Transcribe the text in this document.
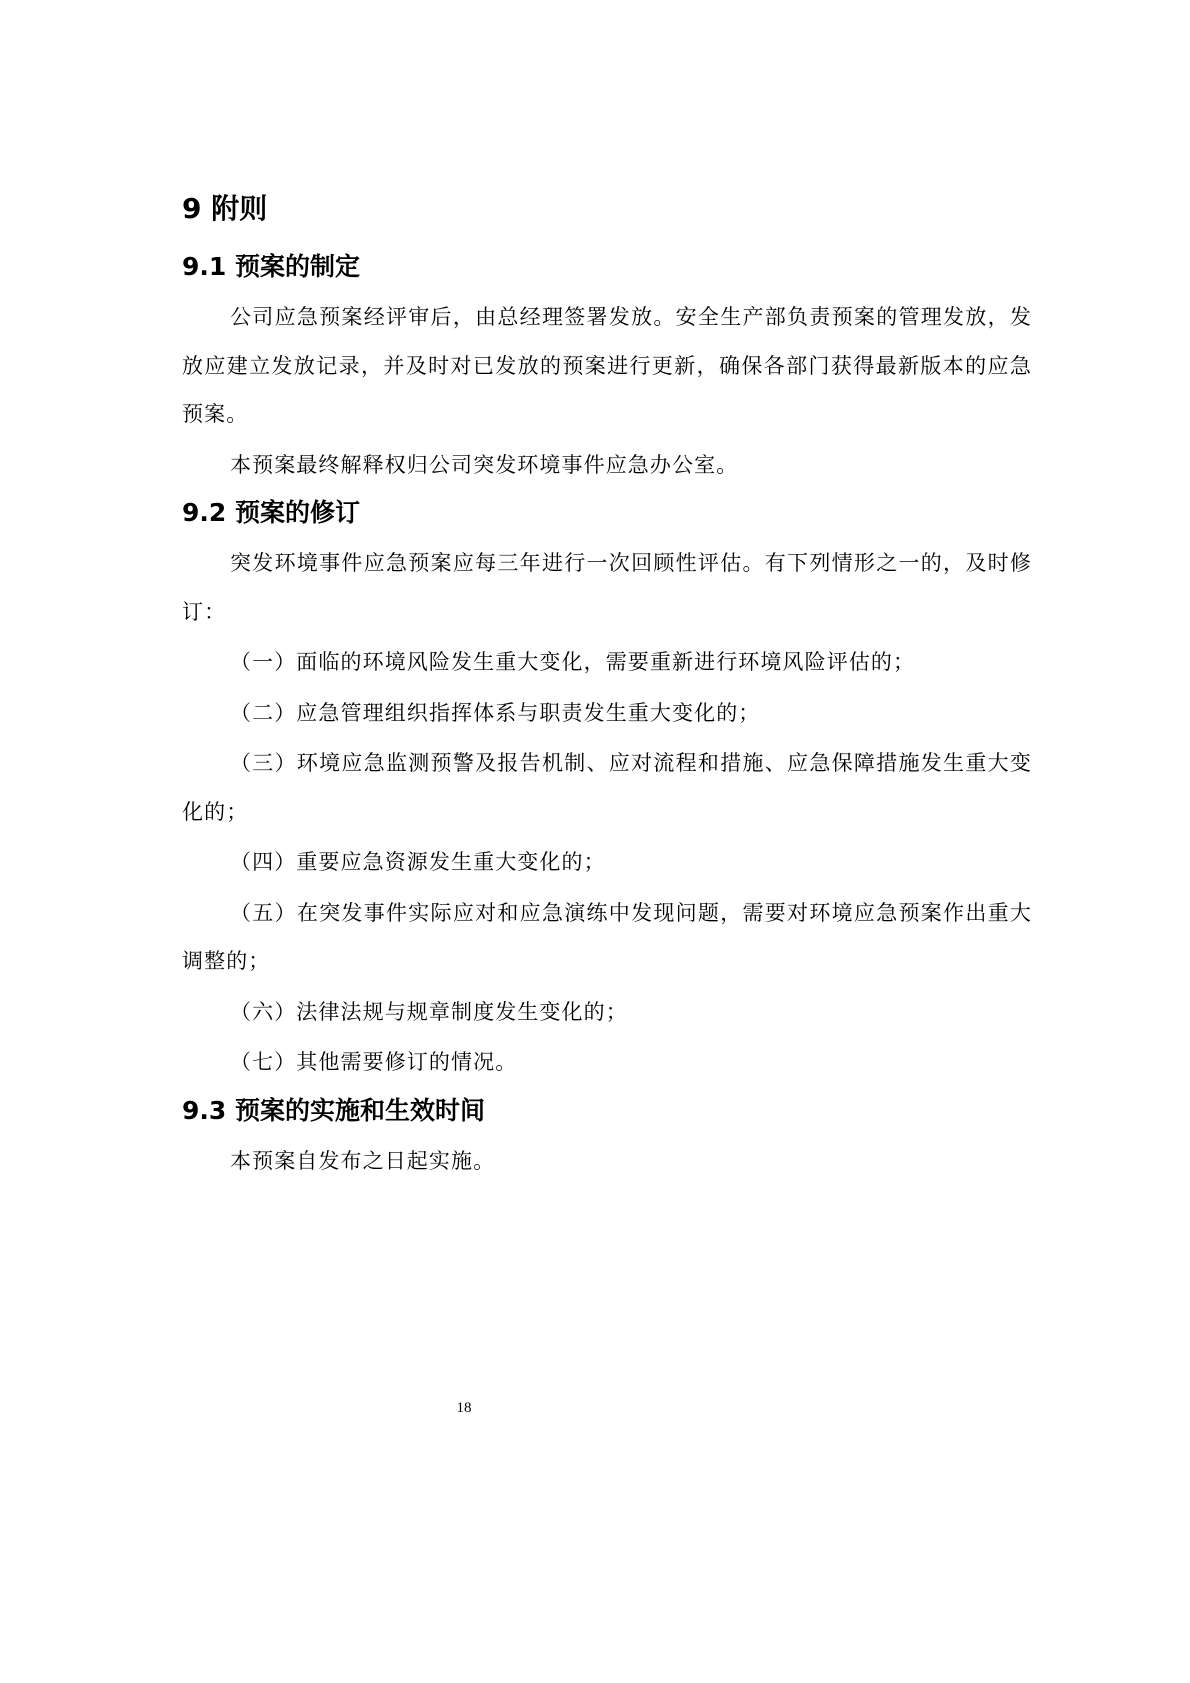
9 附则
9.1 预案的制定

公司应急预案经评审后，由总经理签署发放。安全生产部负责预案的管理发放，发放应建立发放记录，并及时对已发放的预案进行更新，确保各部门获得最新版本的应急预案。

本预案最终解释权归公司突发环境事件应急办公室。

9.2 预案的修订

突发环境事件应急预案应每三年进行一次回顾性评估。有下列情形之一的，及时修订：

（一）面临的环境风险发生重大变化，需要重新进行环境风险评估的；

（二）应急管理组织指挥体系与职责发生重大变化的；

（三）环境应急监测预警及报告机制、应对流程和措施、应急保障措施发生重大变化的；

（四）重要应急资源发生重大变化的；

（五）在突发事件实际应对和应急演练中发现问题，需要对环境应急预案作出重大调整的；

（六）法律法规与规章制度发生变化的；

（七）其他需要修订的情况。

9.3 预案的实施和生效时间

本预案自发布之日起实施。

18
